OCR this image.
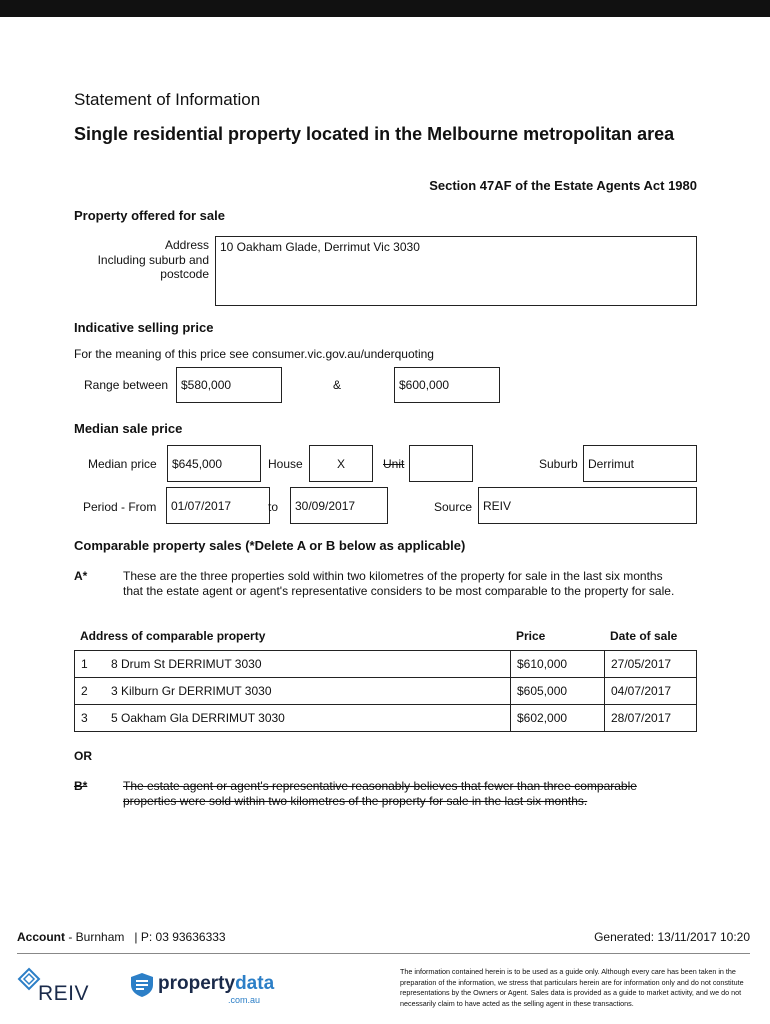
Statement of Information
Single residential property located in the Melbourne metropolitan area
Section 47AF of the Estate Agents Act 1980
Property offered for sale
Address
Including suburb and
postcode
10 Oakham Glade, Derrimut Vic 3030
Indicative selling price
For the meaning of this price see consumer.vic.gov.au/underquoting
Range between	$580,000	&	$600,000
Median sale price
Median price	$645,000	House	X	Unit	Suburb Derrimut
Period - From	01/07/2017	to	30/09/2017	Source REIV
Comparable property sales (*Delete A or B below as applicable)
A*	These are the three properties sold within two kilometres of the property for sale in the last six months that the estate agent or agent's representative considers to be most comparable to the property for sale.
Address of comparable property	Price	Date of sale
1 8 Drum St DERRIMUT 3030	$610,000	27/05/2017
2 3 Kilburn Gr DERRIMUT 3030	$605,000	04/07/2017
3 5 Oakham Gla DERRIMUT 3030	$602,000	28/07/2017
OR
B*	The estate agent or agent's representative reasonably believes that fewer than three comparable properties were sold within two kilometres of the property for sale in the last six months.
Account - Burnham | P: 03 93636333	Generated: 13/11/2017 10:20
REIV	propertydata
.com.au
The information contained herein is to be used as a guide only. Although every care has been taken in the preparation of the information, we stress that particulars herein are for information only and do not constitute representations by the Owners or Agent. Sales data is provided as a guide to market activity, and we do not necessarily claim to have acted as the selling agent in these transactions.
